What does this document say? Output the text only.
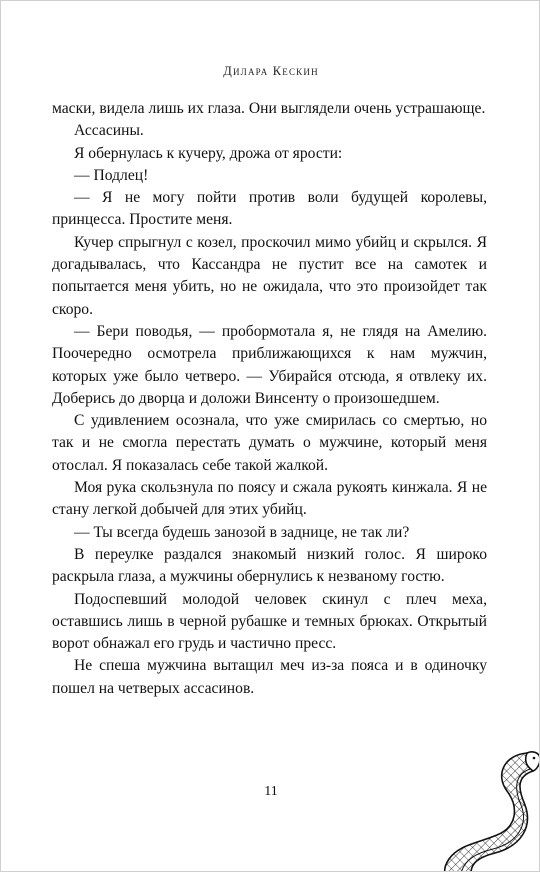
Дилара Кескин

маски, видела лишь их глаза. Они выглядели очень устрашающе.

Ассасины.

Я обернулась к кучеру, дрожа от ярости:

— Подлец!

— Я не могу пойти против воли будущей королевы, принцесса. Простите меня.

Кучер спрыгнул с козел, проскочил мимо убийц и скрылся. Я догадывалась, что Кассандра не пустит все на самотек и попытается меня убить, но не ожидала, что это произойдет так скоро.

— Бери поводья, — пробормотала я, не глядя на Амелию. Поочередно осмотрела приближающихся к нам мужчин, которых уже было четверо. — Убирайся отсюда, я отвлеку их. Доберись до дворца и доложи Винсенту о произошедшем.

С удивлением осознала, что уже смирилась со смертью, но так и не смогла перестать думать о мужчине, который меня отослал. Я показалась себе такой жалкой.

Моя рука скользнула по поясу и сжала рукоять кинжала. Я не стану легкой добычей для этих убийц.

— Ты всегда будешь занозой в заднице, не так ли?

В переулке раздался знакомый низкий голос. Я широко раскрыла глаза, а мужчины обернулись к незваному гостю.

Подоспевший молодой человек скинул с плеч меха, оставшись лишь в черной рубашке и темных брюках. Открытый ворот обнажал его грудь и частично пресс.

Не спеша мужчина вытащил меч из-за пояса и в одиночку пошел на четверых ассасинов.

11
